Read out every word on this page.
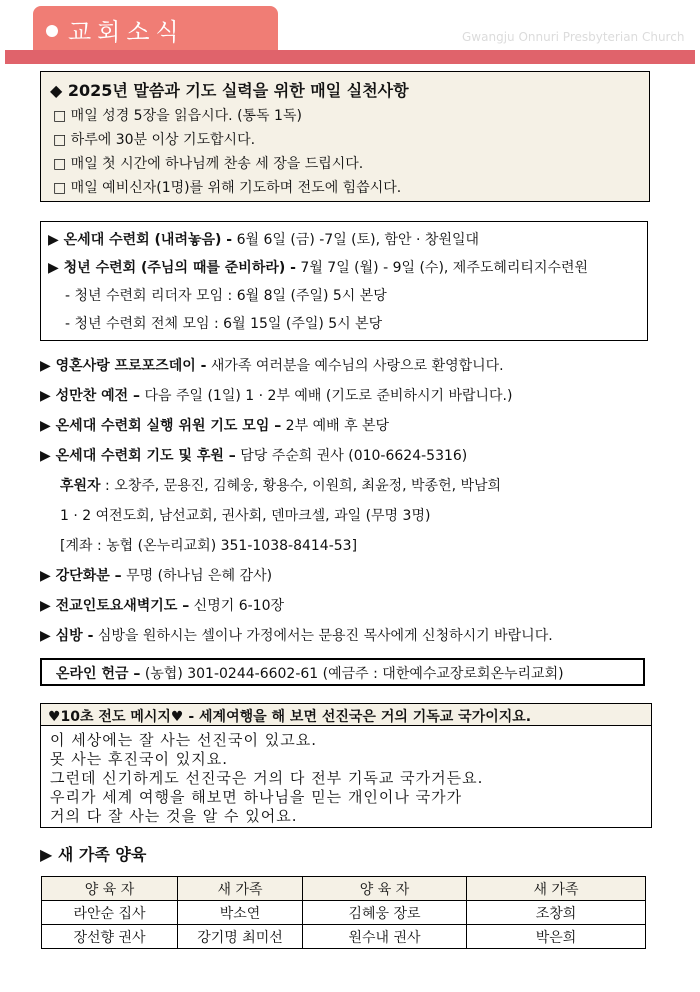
교회소식	Gwangju Onnuri Presbyterian Church
◆ 2025년 말씀과 기도 실력을 위한 매일 실천사항
□ 매일 성경 5장을 읽읍시다. (통독 1독)
□ 하루에 30분 이상 기도합시다.
□ 매일 첫 시간에 하나님께 찬송 세 장을 드립시다.
□ 매일 예비신자(1명)를 위해 기도하며 전도에 힘씁시다.
▶ 온세대 수련회 (내려놓음) - 6월 6일 (금) -7일 (토), 함안 · 창원일대
▶ 청년 수련회 (주님의 때를 준비하라) - 7월 7일 (월) - 9일 (수), 제주도헤리티지수련원
- 청년 수련회 리더자 모임 : 6월 8일 (주일) 5시 본당
- 청년 수련회 전체 모임 : 6월 15일 (주일) 5시 본당
▶ 영혼사랑 프로포즈데이 - 새가족 여러분을 예수님의 사랑으로 환영합니다.
▶ 성만찬 예전 – 다음 주일 (1일) 1 · 2부 예배 (기도로 준비하시기 바랍니다.)
▶ 온세대 수련회 실행 위원 기도 모임 – 2부 예배 후 본당
▶ 온세대 수련회 기도 및 후원 – 담당 주순희 권사 (010-6624-5316)
후원자 : 오창주, 문용진, 김혜웅, 황용수, 이원희, 최윤정, 박종헌, 박남희
1 · 2 여전도회, 남선교회, 권사회, 덴마크셀, 과일 (무명 3명)
[계좌 : 농협 (온누리교회) 351-1038-8414-53]
▶ 강단화분 – 무명 (하나님 은혜 감사)
▶ 전교인토요새벽기도 – 신명기 6-10장
▶ 심방 - 심방을 원하시는 셀이나 가정에서는 문용진 목사에게 신청하시기 바랍니다.
온라인 헌금 – (농협) 301-0244-6602-61 (예금주 : 대한예수교장로회온누리교회)
♥10초 전도 메시지♥ - 세계여행을 해 보면 선진국은 거의 기독교 국가이지요.
이 세상에는 잘 사는 선진국이 있고요.
못 사는 후진국이 있지요.
그런데 신기하게도 선진국은 거의 다 전부 기독교 국가거든요.
우리가 세계 여행을 해보면 하나님을 믿는 개인이나 국가가
거의 다 잘 사는 것을 알 수 있어요.
▶ 새 가족 양육
양 육 자	새 가족	양 육 자	새 가족
라안순 집사	박소연	김혜웅 장로	조창희
장선향 권사	강기명 최미선	원수내 권사	박은희
